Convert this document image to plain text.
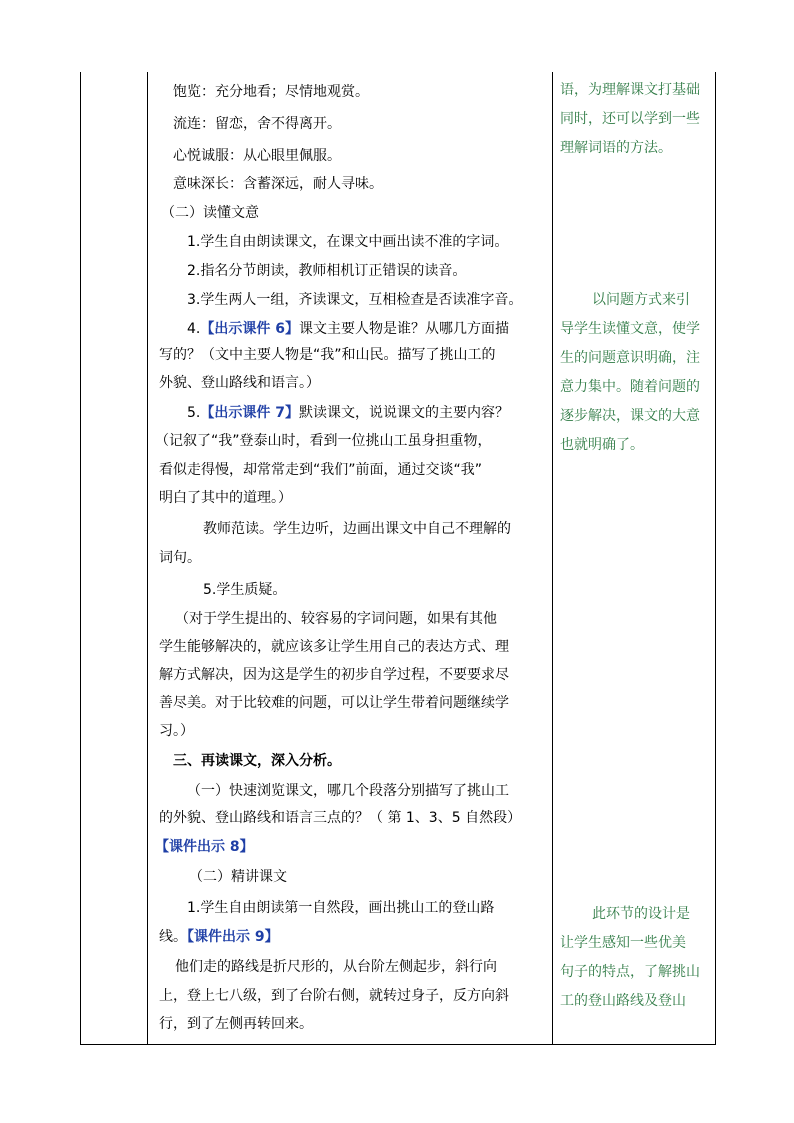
饱览：充分地看；尽情地观赏。
流连：留恋，舍不得离开。
心悦诚服：从心眼里佩服。
意味深长：含蓄深远，耐人寻味。
（二）读懂文意
1.学生自由朗读课文，在课文中画出读不准的字词。
2.指名分节朗读，教师相机订正错误的读音。
3.学生两人一组，齐读课文，互相检查是否读准字音。
4.【出示课件 6】课文主要人物是谁？从哪几方面描
写的？（文中主要人物是“我”和山民。描写了挑山工的
外貌、登山路线和语言。）
5.【出示课件 7】默读课文，说说课文的主要内容？
（记叙了“我”登泰山时，看到一位挑山工虽身担重物，
看似走得慢，却常常走到“我们”前面，通过交谈“我”
明白了其中的道理。）
教师范读。学生边听，边画出课文中自己不理解的
词句。
5.学生质疑。
（对于学生提出的、较容易的字词问题，如果有其他
学生能够解决的，就应该多让学生用自己的表达方式、理
解方式解决，因为这是学生的初步自学过程，不要要求尽
善尽美。对于比较难的问题，可以让学生带着问题继续学
习。）
三、再读课文，深入分析。
（一）快速浏览课文，哪几个段落分别描写了挑山工
的外貌、登山路线和语言三点的？（ 第 1、3、5 自然段）
【课件出示 8】
（二）精讲课文
1.学生自由朗读第一自然段，画出挑山工的登山路
线。【课件出示 9】
他们走的路线是折尺形的，从台阶左侧起步，斜行向
上，登上七八级，到了台阶右侧，就转过身子，反方向斜
行，到了左侧再转回来。
语，为理解课文打基础
同时，还可以学到一些
理解词语的方法。
以问题方式来引
导学生读懂文意，使学
生的问题意识明确，注
意力集中。随着问题的
逐步解决，课文的大意
也就明确了。
此环节的设计是
让学生感知一些优美
句子的特点，了解挑山
工的登山路线及登山
